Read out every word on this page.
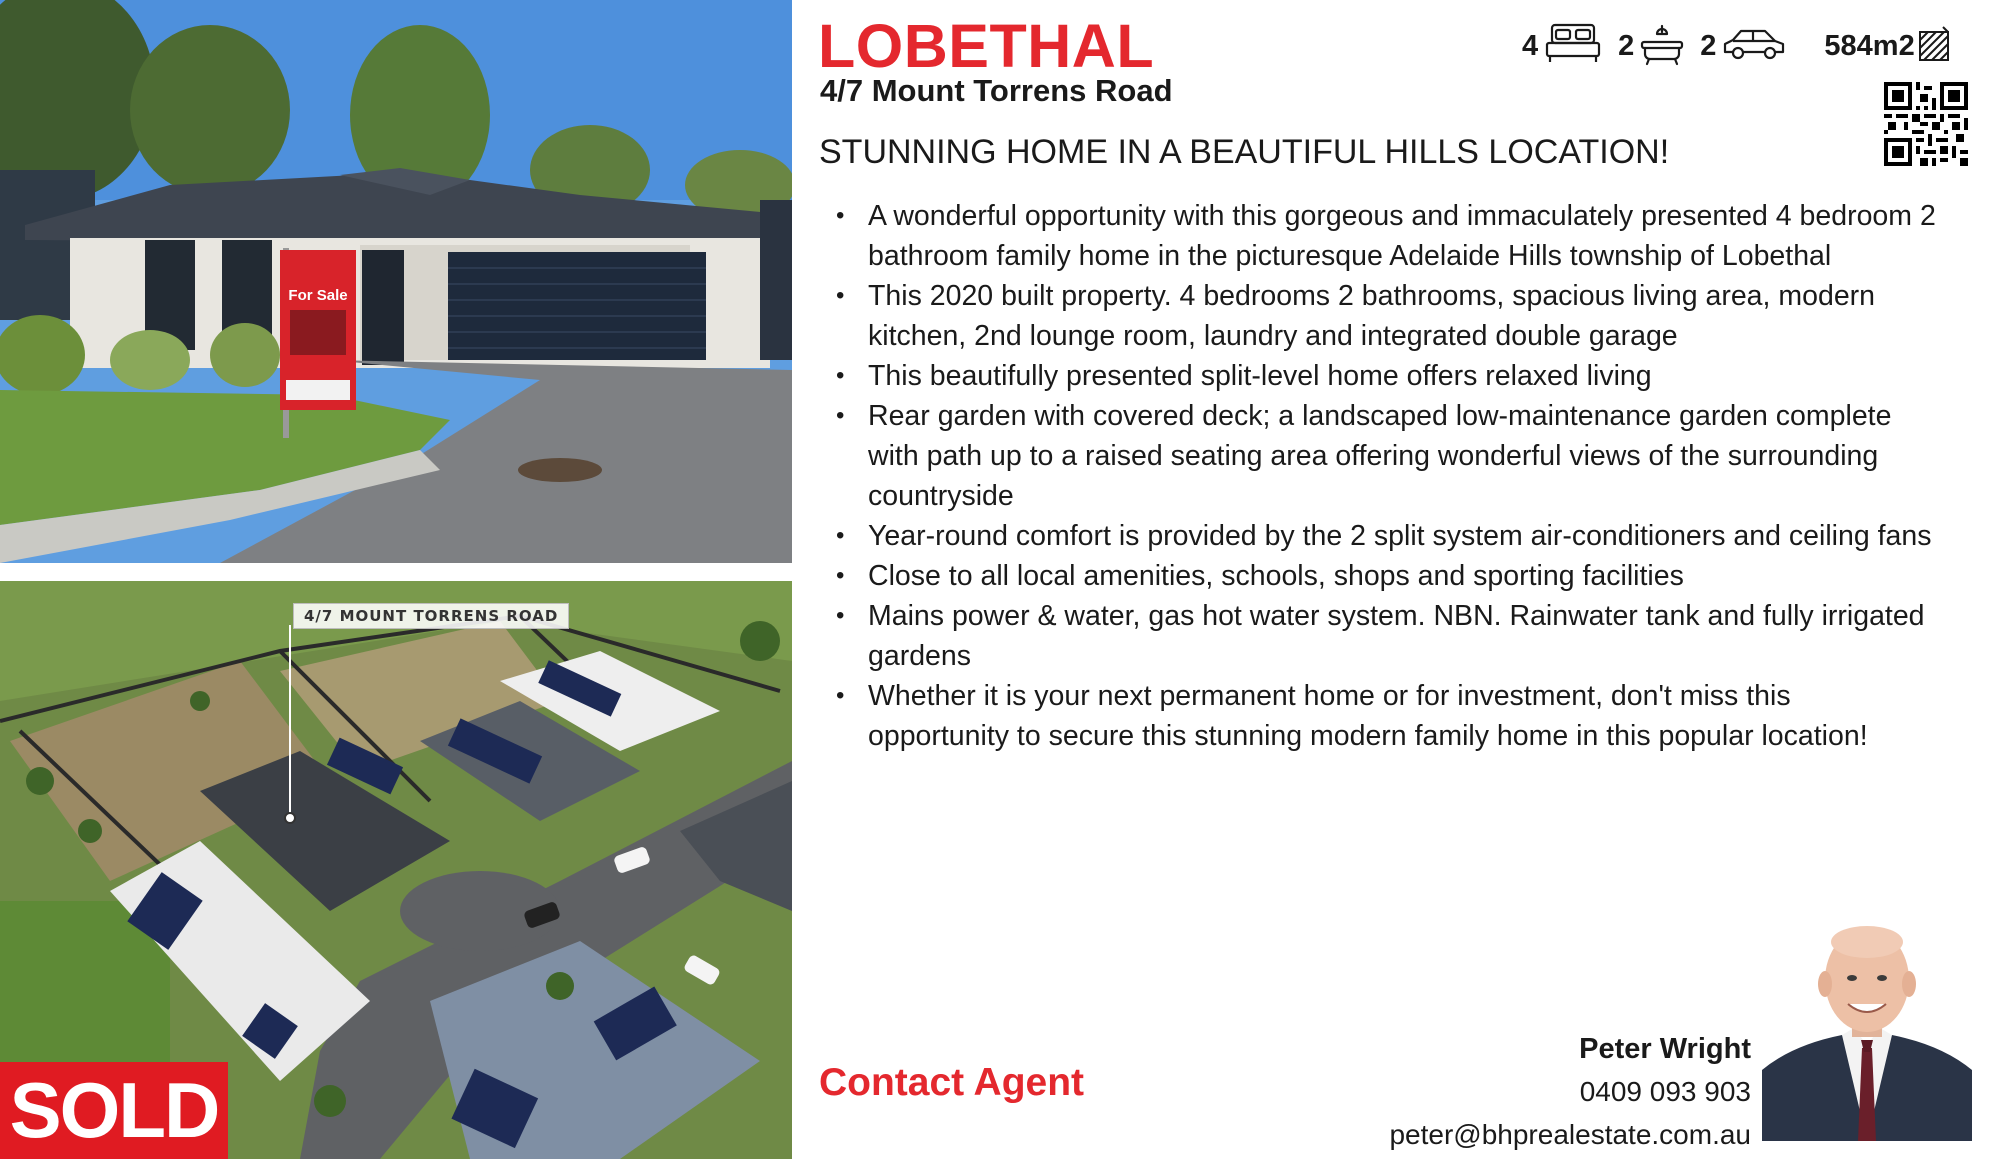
For Sale
4/7 MOUNT TORRENS ROAD
SOLD
LOBETHAL
4/7 Mount Torrens Road
4	2 2	584m2
STUNNING HOME IN A BEAUTIFUL HILLS LOCATION!
• A wonderful opportunity with this gorgeous and immaculately presented 4 bedroom 2 bathroom family home in the picturesque Adelaide Hills township of Lobethal
• This 2020 built property. 4 bedrooms 2 bathrooms, spacious living area, modern kitchen, 2nd lounge room, laundry and integrated double garage
• This beautifully presented split-level home offers relaxed living
• Rear garden with covered deck; a landscaped low-maintenance garden complete with path up to a raised seating area offering wonderful views of the surrounding countryside
• Year-round comfort is provided by the 2 split system air-conditioners and ceiling fans
• Close to all local amenities, schools, shops and sporting facilities
• Mains power & water, gas hot water system. NBN. Rainwater tank and fully irrigated gardens
• Whether it is your next permanent home or for investment, don't miss this opportunity to secure this stunning modern family home in this popular location!
Contact Agent
Peter Wright
0409 093 903
peter@bhprealestate.com.au
